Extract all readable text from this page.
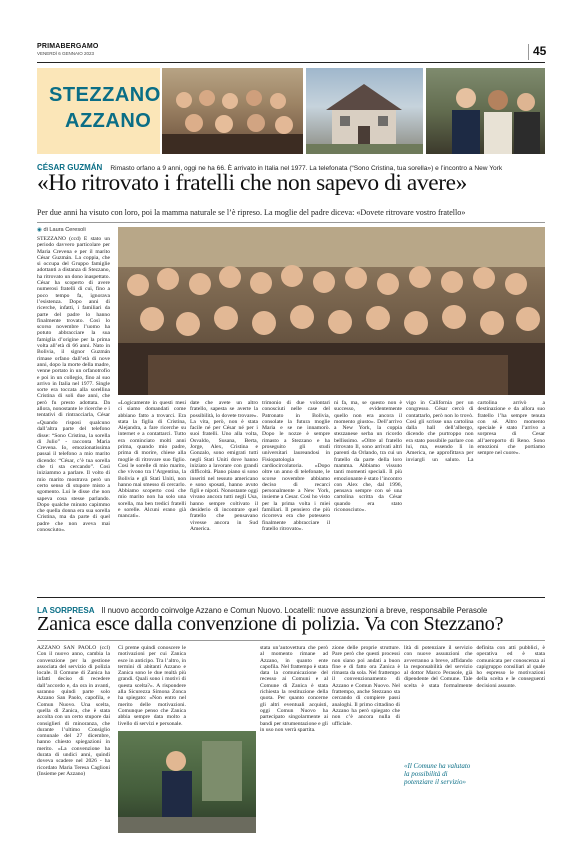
PRIMABERGAMO
VENERDÌ 6 GENNAIO 2023	45
STEZZANO
AZZANO
CÉSAR GUZMÁN Rimasto orfano a 9 anni, oggi ne ha 66. È arrivato in Italia nel 1977. La telefonata (“Sono Cristina, tua sorella») e l’incontro a New York
«Ho ritrovato i fratelli che non sapevo di avere»
Per due anni ha visuto con loro, poi la mamma naturale se l’è ripreso. La moglie del padre diceva: «Dovete ritrovare vostro fratello»
◉ di Laura Ceresoli
STEZZANO (ccd) È stato un periodo davvero particolare per Maria Crevena e per il marito César Guzmán. La coppia, che si occupa del Gruppo famiglie adottanti a distanza di Stezzano, ha ritrovato un dono inaspettato. César ha scoperto di avere numerosi fratelli di cui, fino a poco tempo fa, ignorava l’esistenza. Dopo anni di ricerche, infatti, i familiari da parte del padre lo hanno finalmente trovato. Così lo scorso novembre l’uomo ha potuto abbracciare la sua famiglia d’origine per la prima volta all’età di 66 anni. Nato in Bolivia, il signor Guzmán rimase orfano dall’età di nove anni, dopo la morte della madre, venne portato in un orfanotrofio e poi in un collegio, fino al suo arrivo in Italia nel 1977. Single sorte era toccata alla sorellina Cristina di soli due anni, che però fu presto adottata. Da allora, nonostante le ricerche e i tentativi di rintracciarla, César
«Quando risposi qualcuno dall’altra parte del telefono disse: “Sono Cristina, la sorella di Julio” - racconta Maria Crevena. Io, emozionatissima passai il telefono a mio marito dicendo: “César, c’è tua sorella che ti sta cercando”. Così iniziammo a parlare. Il volto di mio marito mostrava però un certo senso di stupore misto a sgomento. Lui le disse che non sapeva cosa stesse parlando. Dopo qualche minuto capimmo che quella donna era sua sorella Cristina, ma da parte di quel padre che non aveva mai conosciuto».
«Logicamente in questi mesi ci siamo domandati come abbiano fatto a trovarci. Era stata la figlia di Cristina, Alejandra, a fare ricerche su internet e a contattarci. Tutto era cominciato molti anni prima, quando mio padre, prima di morire, chiese alla moglie di ritrovare suo figlio. Così le sorelle di mio marito, che vivono tra l’Argentina, la Bolivia e gli Stati Uniti, non hanno mai smesso di cercarlo. Abbiamo scoperto così che mio marito non ha solo una sorella, ma ben tredici fratelli e sorelle. Alcuni erano già mancati».
date che avete un altro fratello, sapesta se averte la possibilità, lo dovete trovare». La vita, però, non è stata facile né per César né per i suoi fratelli. Uno alla volta, Osvaldo, Susana, Berta, Jorge, Alex, Cristina e Gonzalo, sono emigrati tutti negli Stati Uniti dove hanno iniziato a lavorare con grandi difficoltà. Piano piano si sono inseriti nel tessuto americano e sono sposati, hanno avuto figli e nipoti. Nonostante oggi vivano ancora tutti negli Usa, hanno sempre coltivato il desiderio di incontrare quel fratello che pensavano vivesse ancora in Sud America.
trimonio di due volontari conosciuti nelle case del Patronato in Bolivia, consolate la futura moglie Maria e se ne innamorò. Dopo le nozze è sempre rimasto a Stezzano e ha proseguito gli studi universitari laureandosi in Fisiopatologia cardiocircolatoria. «Dopo oltre un anno di telefonate, le scorse novembre abbiamo deciso di recarci personalmente a New York, insieme a Cesar. Così ho visto per la prima volta i miei familiari. Il pensiero che più ricorreva era che potessero finalmente abbracciare il fratello ritrovato».
ni fa, ma, se questo non è successo, evidentemente quello non era ancora il momento giusto». Dell’arrivo a New York, la coppia stezzanese serba un ricordo bellissimo. «Oltre al fratello ritrovato Il, sono arrivati altri parenti da Orlando, tra cui un fratello da parte della loro mamma. Abbiamo vissuto tanti momenti speciali. Il più emozionante è stato l’incontro con Alex che, dal 1996, pensava sempre con sé una cartolina scritta da César quando era stato riconosciuto».
vigo in California per un congresso. César cercò di contattarlo, però non lo trovò. Così gli scrisse una cartolina dalla hall dell’albergo, dicendo che purtroppo non era stato possibile parlare con lui, ma, essendo lì in America, ne approfittava per inviargli un saluto. La cartolina arrivò a destinazione e da allora suo fratello l’ha sempre tenuta con sé. Altro momento speciale è stato l’arrivo a sorpresa di Cesar all’aeroporto di Reno. Sono emozioni che portiamo sempre nel cuore».
LA SORPRESA Il nuovo accordo coinvolge Azzano e Comun Nuovo. Locatelli: nuove assunzioni a breve, responsabile Perasole
Zanica esce dalla convenzione di polizia. Va con Stezzano?
AZZANO SAN PAOLO (ccl) Con il nuovo anno, cambia la convenzione per la gestione associata del servizio di polizia locale. Il Comune di Zanica ha infatti deciso di recedere dall’accordo e, da ora in avanti, saranno quindi parte solo Azzano San Paolo, capofila, e Comun Nuovo. Una scelta, quella di Zanica, che è stata accolta con un certo stupore dai consiglieri di minoranza, che durante l’ultimo Consiglio comunale del 27 dicembre, hanno chiesto spiegazioni in merito. «La convenzione ha durata di undici anni, quindi doveva scadere nel 2026 - ha ricordato Maria Teresa Caglioni (Insieme per Azzano)
Ci preme quindi conoscere le motivazioni per cui Zanica esce in anticipo. Tra l’altro, in termini di abitanti Azzano e Zanica sono le due realtà più grandi. Quali sono i motivi di questa scelta?». A rispondere alla Sicurezza Simona Zonca ha spiegato: «Non entro nel merito delle motivazioni. Comunque penso che Zanica abbia sempre data molto a livello di servizi e personale.
stata un’autovettura che però al momento rimane ad Azzano, in quanto ente capofila. Nel frattempo è stata data la comunicazione del recesso ai Comuni e al Comune di Zanica è stata richiesta la restituzione della quota. Per quanto concerne gli altri eventuali acquisti, oggi Comun Nuovo ha partecipato singolarmente ai bandi per strumentazione e gli in uso non verrà spartita.
zione delle proprie strutture. Pare però che questi processi non siano poi andati a buon fine e di fatto ora Zanica è rimasta da sola. Nel frattempo il convenzionamento di Azzano e Comun Nuovo. Nel frattempo, anche Stezzano sta cercando di compiere passi analoghi. Il primo cittadino di Azzano ha però spiegato che non c’è ancora nulla di ufficiale.
lità di potenziare il servizio con nuove assunzioni che avverranno a breve, affidando la responsabilità del servizio al dottor Marco Perasole, già dipendente del Comune. Tale scelta è stata formalmente definita con atti pubblici, è operativa ed è stata comunicata per conoscenza ai capigruppo consiliari al quale ho espresso le motivazioni della scelta e le conseguenti decisioni assunte.
«Il Comune ha valutato la possibilità di potenziare il servizio»
